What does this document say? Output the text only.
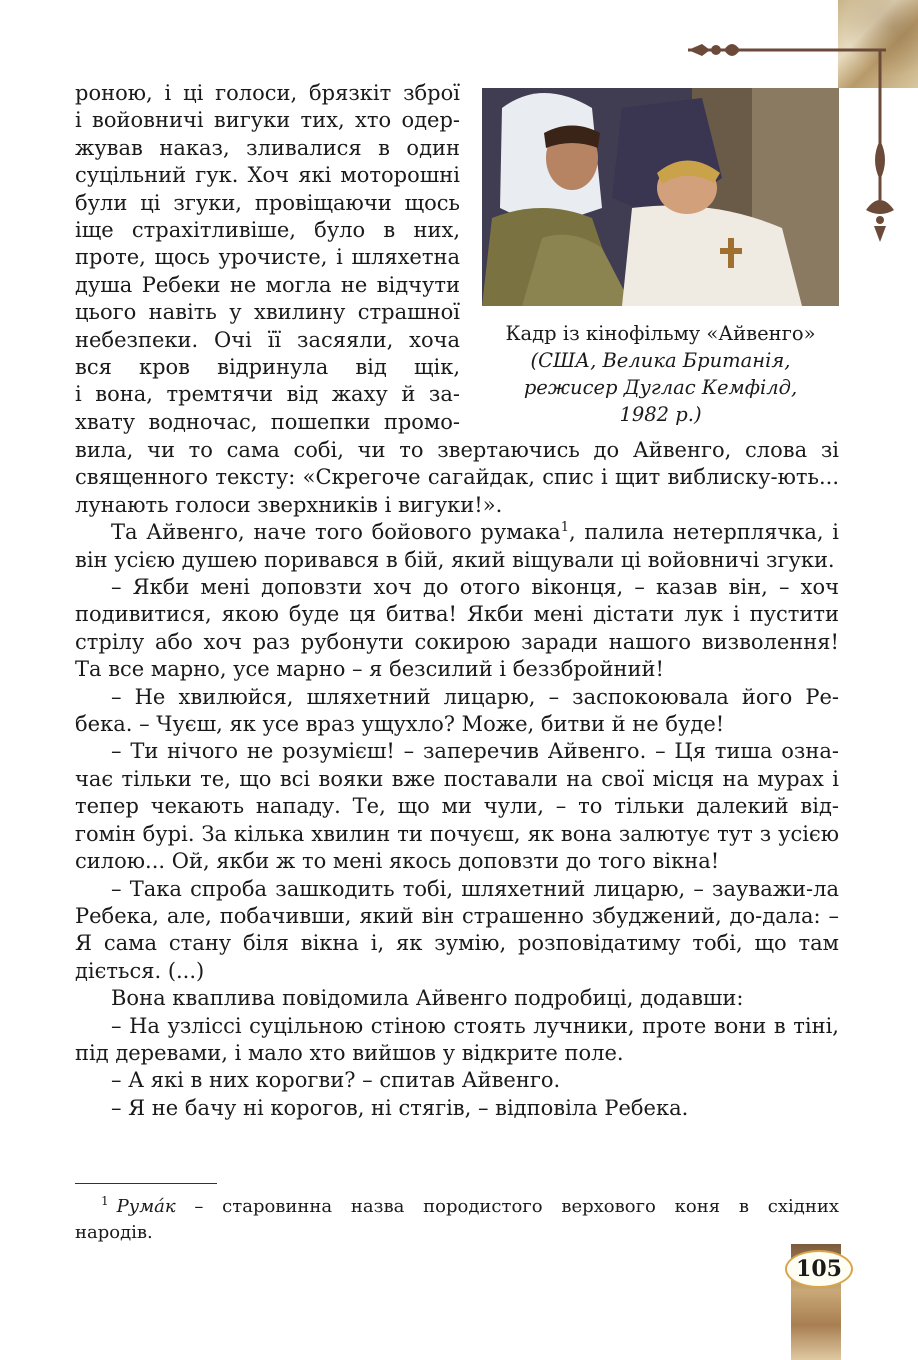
Кадр із кінофільму «Айвенго»
(США, Велика Британія,
режисер Дуглас Кемфілд,
1982 р.)

роною, і ці голоси, брязкіт зброї

і войовничі вигуки тих, хто одер-

жував наказ, зливалися в один

суцільний гук. Хоч які моторошні

були ці згуки, провіщаючи щось

іще страхітливіше, було в них,

проте, щось урочисте, і шляхетна

душа Ребеки не могла не відчути

цього навіть у хвилину страшної

небезпеки. Очі її засяяли, хоча

вся кров відринула від щік,

і вона, тремтячи від жаху й за-

хвату водночас, пошепки промо-

вила, чи то сама собі, чи то звертаючись до Айвенго, слова зі священного тексту: «Скрегоче сагайдак, спис і щит виблиску-ють... лунають голоси зверхників і вигуки!».

Та Айвенго, наче того бойового румака$^1$, палила нетерплячка, і він усією душею поривався в бій, який віщували ці войовничі згуки.

– Якби мені доповзти хоч до отого віконця, – казав він, – хоч подивитися, якою буде ця битва! Якби мені дістати лук і пустити стрілу або хоч раз рубонути сокирою заради нашого визволення! Та все марно, усе марно – я безсилий і беззбройний!

– Не хвилюйся, шляхетний лицарю, – заспокоювала його Ре-бека. – Чуєш, як усе враз ущухло? Може, битви й не буде!

– Ти нічого не розумієш! – заперечив Айвенго. – Ця тиша озна-чає тільки те, що всі вояки вже поставали на свої місця на мурах і тепер чекають нападу. Те, що ми чули, – то тільки далекий від-гомін бурі. За кілька хвилин ти почуєш, як вона залютує тут з усією силою... Ой, якби ж то мені якось доповзти до того вікна!

– Така спроба зашкодить тобі, шляхетний лицарю, – зауважи-ла Ребека, але, побачивши, який він страшенно збуджений, до-дала: – Я сама стану біля вікна і, як зумію, розповідатиму тобі, що там діється. (...)

Вона кваплива повідомила Айвенго подробиці, додавши:

– На узліссі суцільною стіною стоять лучники, проте вони в тіні, під деревами, і мало хто вийшов у відкрите поле.

– А які в них корогви? – спитав Айвенго.

– Я не бачу ні корогов, ні стягів, – відповіла Ребека.

$^1$ Румáк – старовинна назва породистого верхового коня в східних
народів.

105
